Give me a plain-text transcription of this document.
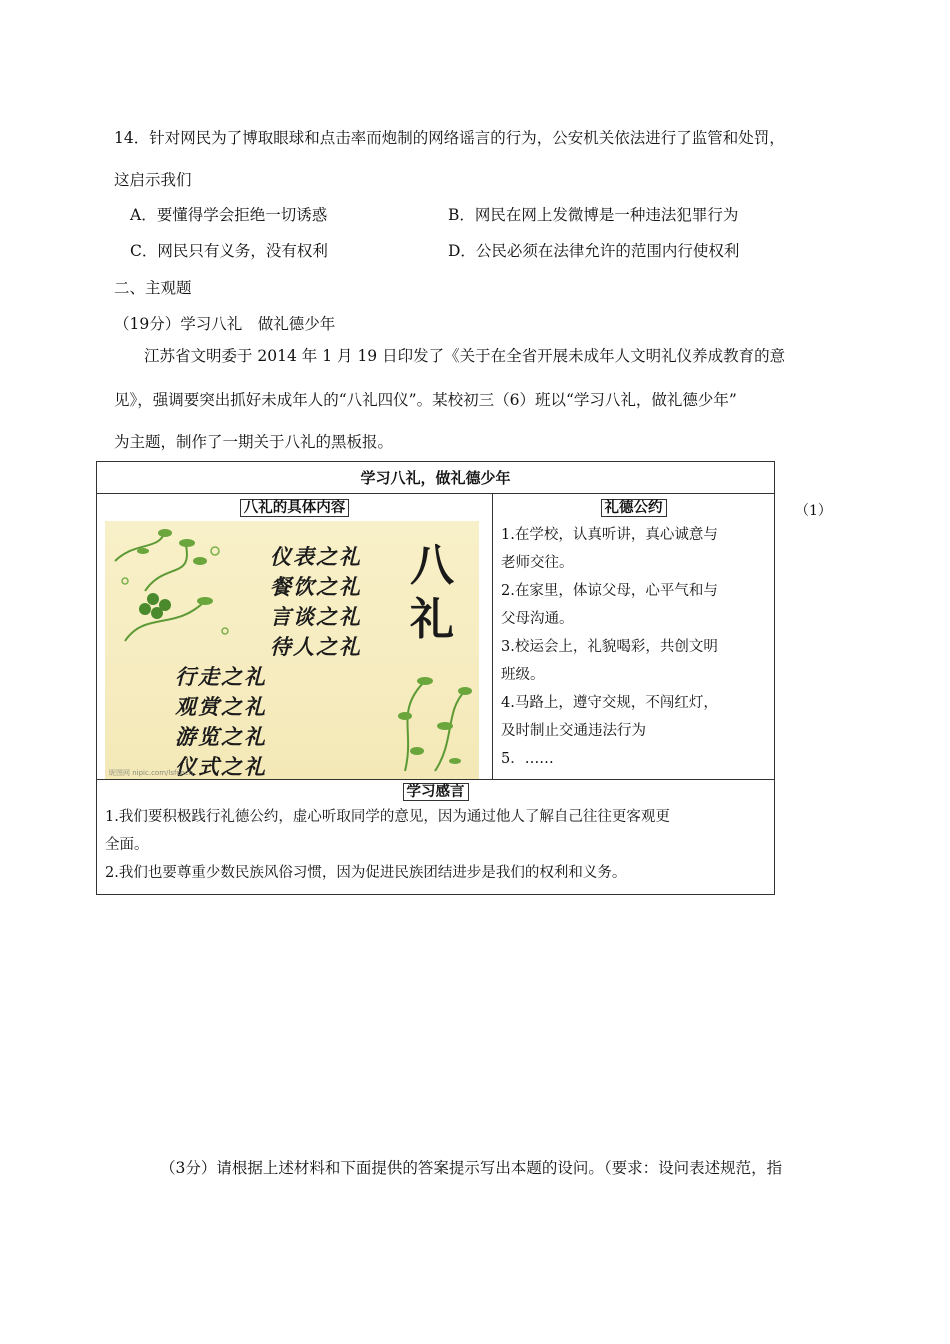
14．针对网民为了博取眼球和点击率而炮制的网络谣言的行为，公安机关依法进行了监管和处罚，
这启示我们
A．要懂得学会拒绝一切诱惑	B．网民在网上发微博是一种违法犯罪行为
C．网民只有义务，没有权利	D．公民必须在法律允许的范围内行使权利
二、主观题
（19分）学习八礼　做礼德少年
江苏省文明委于 2014 年 1 月 19 日印发了《关于在全省开展未成年人文明礼仪养成教育的意
见》，强调要突出抓好未成年人的“八礼四仪”。某校初三（6）班以“学习八礼，做礼德少年”
为主题，制作了一期关于八礼的黑板报。
学习八礼，做礼德少年

八礼的具体内容
仪表之礼
餐饮之礼
言谈之礼
待人之礼
行走之礼
观赏之礼
游览之礼
仪式之礼
八
礼
昵图网 nipic.com/lsfcncn

礼德公约
1.在学校，认真听讲，真心诚意与
老师交往。
2.在家里，体谅父母，心平气和与
父母沟通。
3.校运会上，礼貌喝彩，共创文明
班级。
4.马路上，遵守交规，不闯红灯，
及时制止交通违法行为
5．……

学习感言
1.我们要积极践行礼德公约，虚心听取同学的意见，因为通过他人了解自己往往更客观更
全面。
2.我们也要尊重少数民族风俗习惯，因为促进民族团结进步是我们的权利和义务。
（1）
（3分）请根据上述材料和下面提供的答案提示写出本题的设问。（要求：设问表述规范，指
